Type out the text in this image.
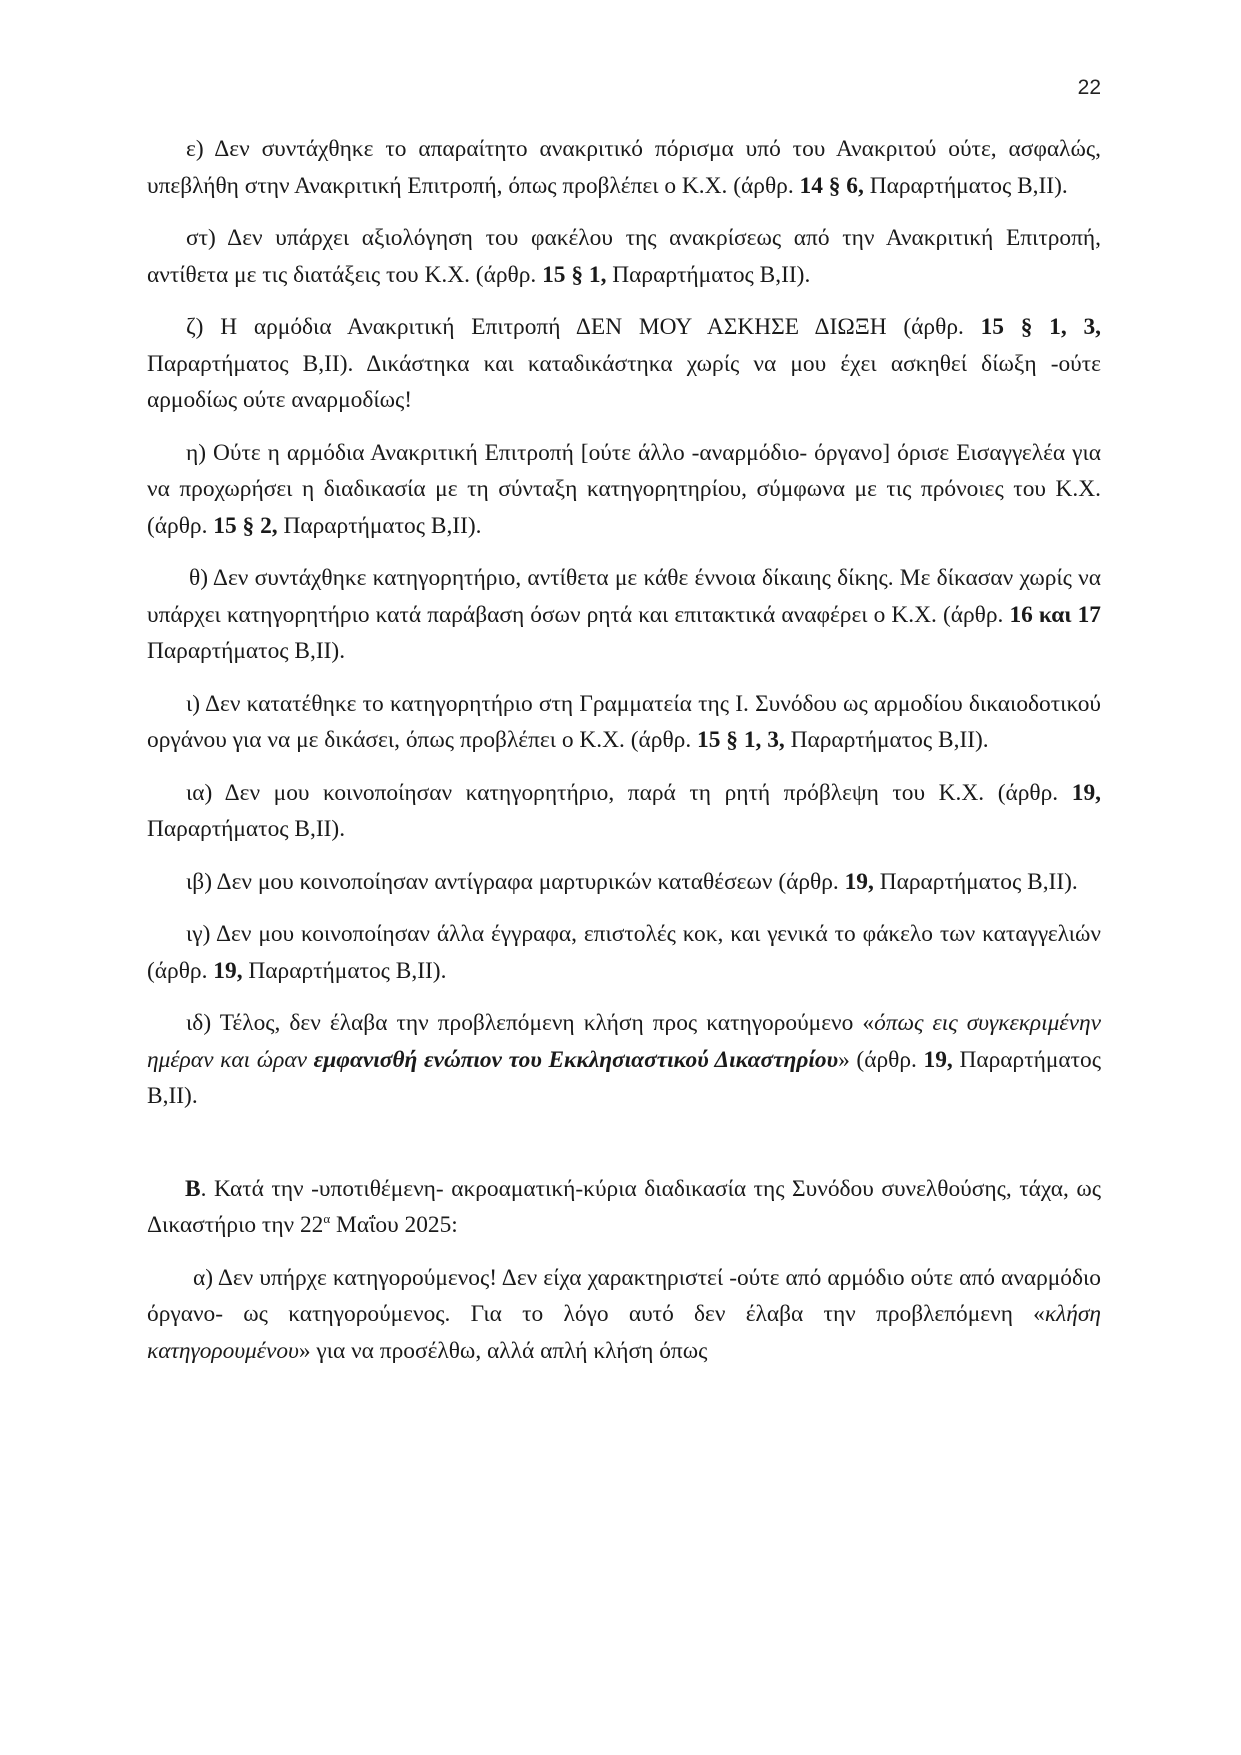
22

ε) Δεν συντάχθηκε το απαραίτητο ανακριτικό πόρισμα υπό του Ανακριτού ούτε, ασφαλώς, υπεβλήθη στην Ανακριτική Επιτροπή, όπως προβλέπει ο Κ.Χ. (άρθρ. 14 § 6, Παραρτήματος Β,ΙΙ).

στ) Δεν υπάρχει αξιολόγηση του φακέλου της ανακρίσεως από την Ανακριτική Επιτροπή, αντίθετα με τις διατάξεις του Κ.Χ. (άρθρ. 15 § 1, Παραρτήματος Β,ΙΙ).

ζ) Η αρμόδια Ανακριτική Επιτροπή ΔΕΝ ΜΟΥ ΑΣΚΗΣΕ ΔΙΩΞΗ (άρθρ. 15 § 1, 3, Παραρτήματος Β,ΙΙ). Δικάστηκα και καταδικάστηκα χωρίς να μου έχει ασκηθεί δίωξη -ούτε αρμοδίως ούτε αναρμοδίως!

η) Ούτε η αρμόδια Ανακριτική Επιτροπή [ούτε άλλο -αναρμόδιο- όργανο] όρισε Εισαγγελέα για να προχωρήσει η διαδικασία με τη σύνταξη κατηγορητηρίου, σύμφωνα με τις πρόνοιες του Κ.Χ. (άρθρ. 15 § 2, Παραρτήματος Β,ΙΙ).

θ) Δεν συντάχθηκε κατηγορητήριο, αντίθετα με κάθε έννοια δίκαιης δίκης. Με δίκασαν χωρίς να υπάρχει κατηγορητήριο κατά παράβαση όσων ρητά και επιτακτικά αναφέρει ο Κ.Χ. (άρθρ. 16 και 17 Παραρτήματος Β,ΙΙ).

ι) Δεν κατατέθηκε το κατηγορητήριο στη Γραμματεία της Ι. Συνόδου ως αρμοδίου δικαιοδοτικού οργάνου για να με δικάσει, όπως προβλέπει ο Κ.Χ. (άρθρ. 15 § 1, 3, Παραρτήματος Β,ΙΙ).

ια) Δεν μου κοινοποίησαν κατηγορητήριο, παρά τη ρητή πρόβλεψη του Κ.Χ. (άρθρ. 19, Παραρτήματος Β,ΙΙ).

ιβ) Δεν μου κοινοποίησαν αντίγραφα μαρτυρικών καταθέσεων (άρθρ. 19, Παραρτήματος Β,ΙΙ).

ιγ) Δεν μου κοινοποίησαν άλλα έγγραφα, επιστολές κοκ, και γενικά το φάκελο των καταγγελιών (άρθρ. 19, Παραρτήματος Β,ΙΙ).

ιδ) Τέλος, δεν έλαβα την προβλεπόμενη κλήση προς κατηγορούμενο «όπως εις συγκεκριμένην ημέραν και ώραν εμφανισθή ενώπιον του Εκκλησιαστικού Δικαστηρίου» (άρθρ. 19, Παραρτήματος Β,ΙΙ).

Β. Κατά την -υποτιθέμενη- ακροαματική-κύρια διαδικασία της Συνόδου συνελθούσης, τάχα, ως Δικαστήριο την $22^\alpha$ Μαΐου 2025:

α) Δεν υπήρχε κατηγορούμενος! Δεν είχα χαρακτηριστεί -ούτε από αρμόδιο ούτε από αναρμόδιο όργανο- ως κατηγορούμενος. Για το λόγο αυτό δεν έλαβα την προβλεπόμενη «κλήση κατηγορουμένου» για να προσέλθω, αλλά απλή κλήση όπως
